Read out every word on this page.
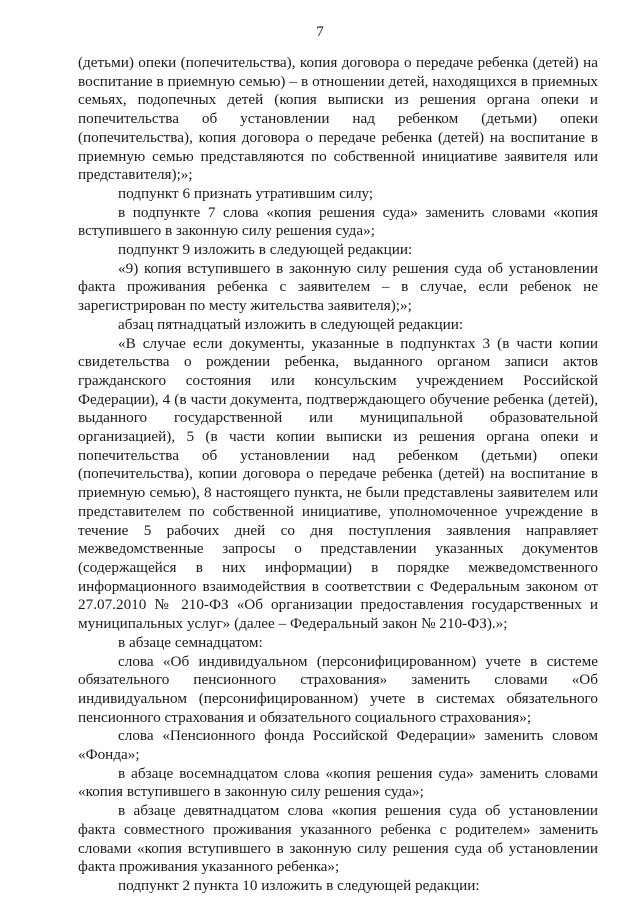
7

(детьми) опеки (попечительства), копия договора о передаче ребенка (детей) на воспитание в приемную семью) – в отношении детей, находящихся в приемных семьях, подопечных детей (копия выписки из решения органа опеки и попечительства об установлении над ребенком (детьми) опеки (попечительства), копия договора о передаче ребенка (детей) на воспитание в приемную семью представляются по собственной инициативе заявителя или представителя);»;

подпункт 6 признать утратившим силу;

в подпункте 7 слова «копия решения суда» заменить словами «копия вступившего в законную силу решения суда»;

подпункт 9 изложить в следующей редакции:

«9) копия вступившего в законную силу решения суда об установлении факта проживания ребенка с заявителем – в случае, если ребенок не зарегистрирован по месту жительства заявителя);»;

абзац пятнадцатый изложить в следующей редакции:

«В случае если документы, указанные в подпунктах 3 (в части копии свидетельства о рождении ребенка, выданного органом записи актов гражданского состояния или консульским учреждением Российской Федерации), 4 (в части документа, подтверждающего обучение ребенка (детей), выданного государственной или муниципальной образовательной организацией), 5 (в части копии выписки из решения органа опеки и попечительства об установлении над ребенком (детьми) опеки (попечительства), копии договора о передаче ребенка (детей) на воспитание в приемную семью), 8 настоящего пункта, не были представлены заявителем или представителем по собственной инициативе, уполномоченное учреждение в течение 5 рабочих дней со дня поступления заявления направляет межведомственные запросы о представлении указанных документов (содержащейся в них информации) в порядке межведомственного информационного взаимодействия в соответствии с Федеральным законом от 27.07.2010 № 210-ФЗ «Об организации предоставления государственных и муниципальных услуг» (далее – Федеральный закон № 210-ФЗ).»;

в абзаце семнадцатом:

слова «Об индивидуальном (персонифицированном) учете в системе обязательного пенсионного страхования» заменить словами «Об индивидуальном (персонифицированном) учете в системах обязательного пенсионного страхования и обязательного социального страхования»;

слова «Пенсионного фонда Российской Федерации» заменить словом «Фонда»;

в абзаце восемнадцатом слова «копия решения суда» заменить словами «копия вступившего в законную силу решения суда»;

в абзаце девятнадцатом слова «копия решения суда об установлении факта совместного проживания указанного ребенка с родителем» заменить словами «копия вступившего в законную силу решения суда об установлении факта проживания указанного ребенка»;

подпункт 2 пункта 10 изложить в следующей редакции:
